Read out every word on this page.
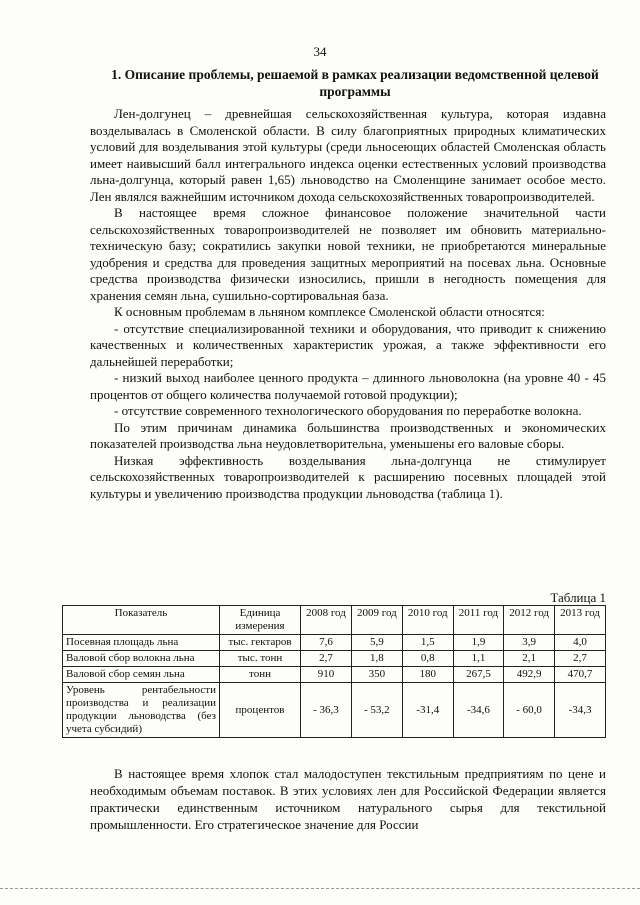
34
1. Описание проблемы, решаемой в рамках реализации ведомственной целевой программы

Лен-долгунец – древнейшая сельскохозяйственная культура, которая издавна возделывалась в Смоленской области. В силу благоприятных природных климатических условий для возделывания этой культуры (среди льносеющих областей Смоленская область имеет наивысший балл интегрального индекса оценки естественных условий производства льна-долгунца, который равен 1,65) льноводство на Смоленщине занимает особое место. Лен являлся важнейшим источником дохода сельскохозяйственных товаропроизводителей.

В настоящее время сложное финансовое положение значительной части сельскохозяйственных товаропроизводителей не позволяет им обновить материально-техническую базу; сократились закупки новой техники, не приобретаются минеральные удобрения и средства для проведения защитных мероприятий на посевах льна. Основные средства производства физически износились, пришли в негодность помещения для хранения семян льна, сушильно-сортировальная база.

К основным проблемам в льняном комплексе Смоленской области относятся:

- отсутствие специализированной техники и оборудования, что приводит к снижению качественных и количественных характеристик урожая, а также эффективности его дальнейшей переработки;

- низкий выход наиболее ценного продукта – длинного льноволокна (на уровне 40 - 45 процентов от общего количества получаемой готовой продукции);

- отсутствие современного технологического оборудования по переработке волокна.

По этим причинам динамика большинства производственных и экономических показателей производства льна неудовлетворительна, уменьшены его валовые сборы.

Низкая эффективность возделывания льна-долгунца не стимулирует сельскохозяйственных товаропроизводителей к расширению посевных площадей этой культуры и увеличению производства продукции льноводства (таблица 1).

Таблица 1
Показатель	Единица измерения	2008 год	2009 год	2010 год	2011 год	2012 год	2013 год
Посевная площадь льна	тыс. гектаров	7,6	5,9	1,5	1,9	3,9	4,0
Валовой сбор волокна льна	тыс. тонн	2,7	1,8	0,8	1,1	2,1	2,7
Валовой сбор семян льна	тонн	910	350	180	267,5	492,9	470,7
Уровень рентабельности производства и реализации продукции льноводства (без учета субсидий)	процентов	- 36,3	- 53,2	-31,4	-34,6	- 60,0	-34,3

В настоящее время хлопок стал малодоступен текстильным предприятиям по цене и необходимым объемам поставок. В этих условиях лен для Российской Федерации является практически единственным источником натурального сырья для текстильной промышленности. Его стратегическое значение для России
